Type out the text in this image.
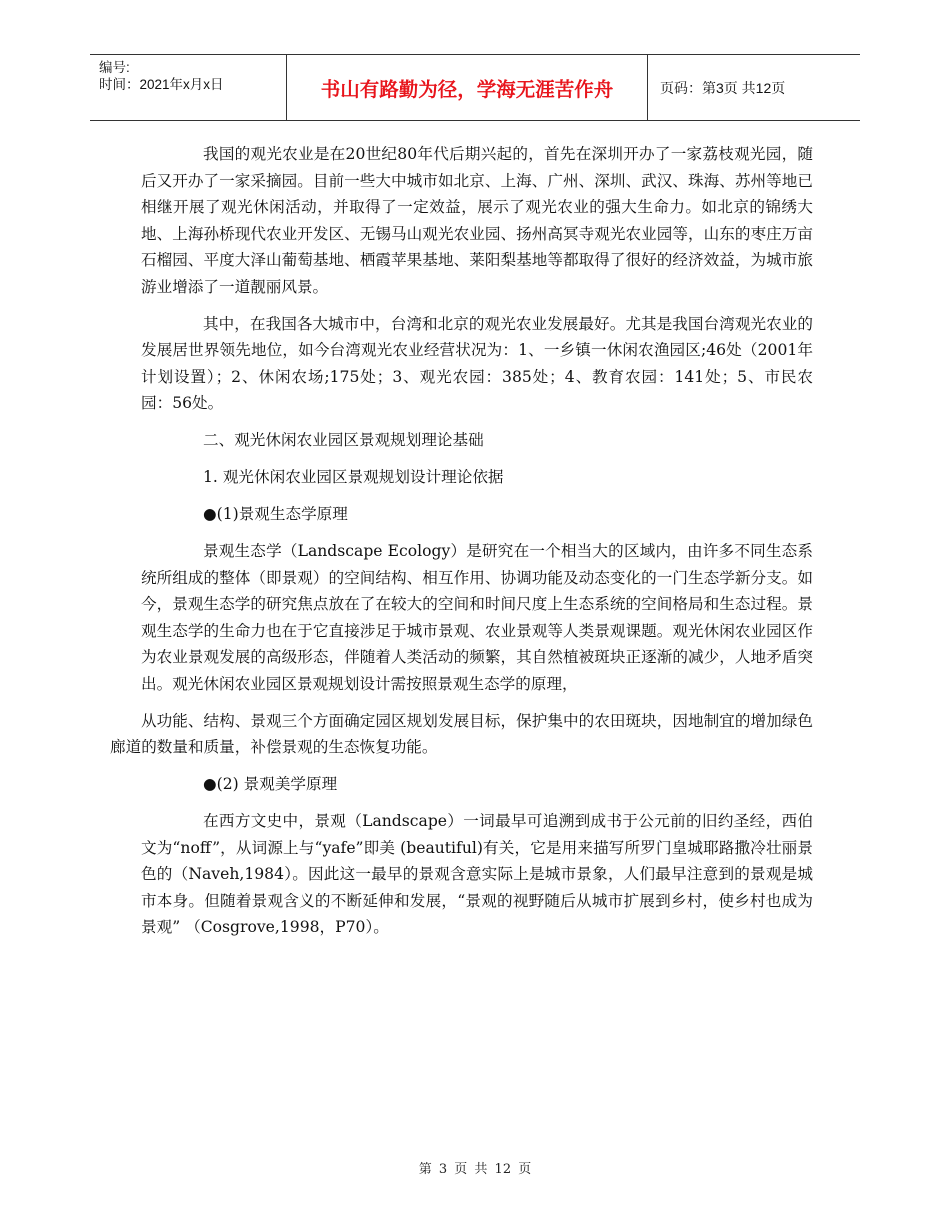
编号:
时间：2021年x月x日	书山有路勤为径，学海无涯苦作舟	页码：第3页 共12页

我国的观光农业是在20世纪80年代后期兴起的，首先在深圳开办了一家荔枝观光园，随后又开办了一家采摘园。目前一些大中城市如北京、上海、广州、深圳、武汉、珠海、苏州等地已相继开展了观光休闲活动，并取得了一定效益，展示了观光农业的强大生命力。如北京的锦绣大地、上海孙桥现代农业开发区、无锡马山观光农业园、扬州高冥寺观光农业园等，山东的枣庄万亩石榴园、平度大泽山葡萄基地、栖霞苹果基地、莱阳梨基地等都取得了很好的经济效益，为城市旅游业增添了一道靓丽风景。

其中，在我国各大城市中，台湾和北京的观光农业发展最好。尤其是我国台湾观光农业的发展居世界领先地位，如今台湾观光农业经营状况为：1、一乡镇一休闲农渔园区;46处（2001年计划设置）；2、休闲农场;175处；3、观光农园：385处；4、教育农园：141处；5、市民农园：56处。

二、观光休闲农业园区景观规划理论基础

1. 观光休闲农业园区景观规划设计理论依据

●(1)景观生态学原理

景观生态学（Landscape Ecology）是研究在一个相当大的区域内，由许多不同生态系统所组成的整体（即景观）的空间结构、相互作用、协调功能及动态变化的一门生态学新分支。如今，景观生态学的研究焦点放在了在较大的空间和时间尺度上生态系统的空间格局和生态过程。景观生态学的生命力也在于它直接涉足于城市景观、农业景观等人类景观课题。观光休闲农业园区作为农业景观发展的高级形态，伴随着人类活动的频繁，其自然植被斑块正逐渐的减少，人地矛盾突出。观光休闲农业园区景观规划设计需按照景观生态学的原理，

从功能、结构、景观三个方面确定园区规划发展目标，保护集中的农田斑块，因地制宜的增加绿色廊道的数量和质量，补偿景观的生态恢复功能。

●(2) 景观美学原理

在西方文史中，景观（Landscape）一词最早可追溯到成书于公元前的旧约圣经，西伯文为“noff”，从词源上与“yafe”即美 (beautiful)有关，它是用来描写所罗门皇城耶路撒冷壮丽景色的（Naveh,1984）。因此这一最早的景观含意实际上是城市景象，人们最早注意到的景观是城市本身。但随着景观含义的不断延伸和发展，“景观的视野随后从城市扩展到乡村，使乡村也成为景观” （Cosgrove,1998，P70）。

第 3 页 共 12 页
